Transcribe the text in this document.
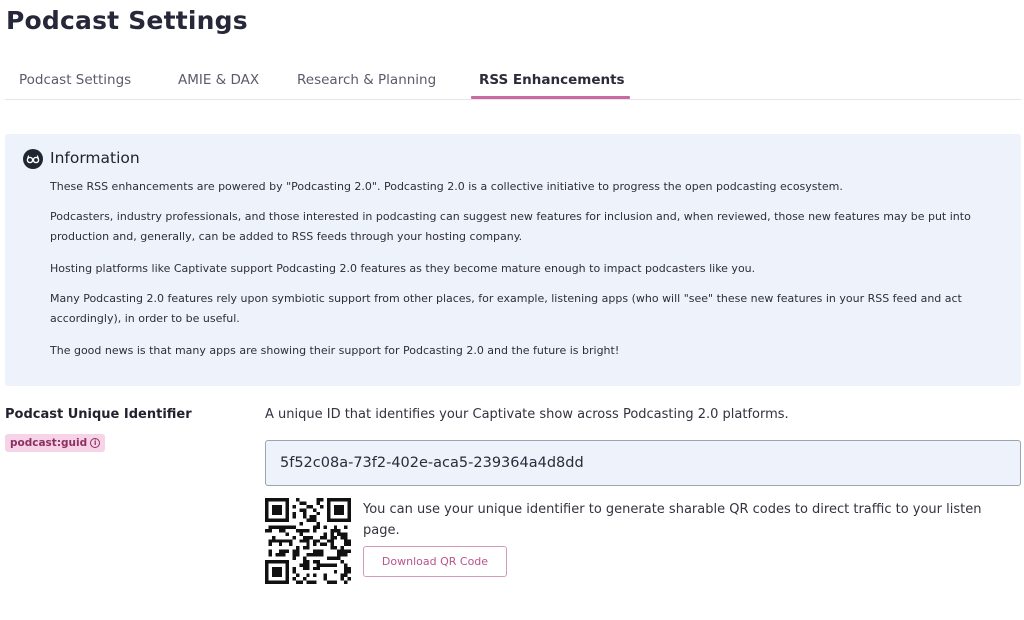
Podcast Settings
Podcast Settings	AMIE & DAX	Research & Planning	RSS Enhancements
Information

These RSS enhancements are powered by "Podcasting 2.0". Podcasting 2.0 is a collective initiative to progress the open podcasting ecosystem.

Podcasters, industry professionals, and those interested in podcasting can suggest new features for inclusion and, when reviewed, those new features may be put into production and, generally, can be added to RSS feeds through your hosting company.

Hosting platforms like Captivate support Podcasting 2.0 features as they become mature enough to impact podcasters like you.

Many Podcasting 2.0 features rely upon symbiotic support from other places, for example, listening apps (who will "see" these new features in your RSS feed and act accordingly), in order to be useful.

The good news is that many apps are showing their support for Podcasting 2.0 and the future is bright!

Podcast Unique Identifier
podcast:guid i
A unique ID that identifies your Captivate show across Podcasting 2.0 platforms.
5f52c08a-73f2-402e-aca5-239364a4d8dd
You can use your unique identifier to generate sharable QR codes to direct traffic to your listen page.
Download QR Code
